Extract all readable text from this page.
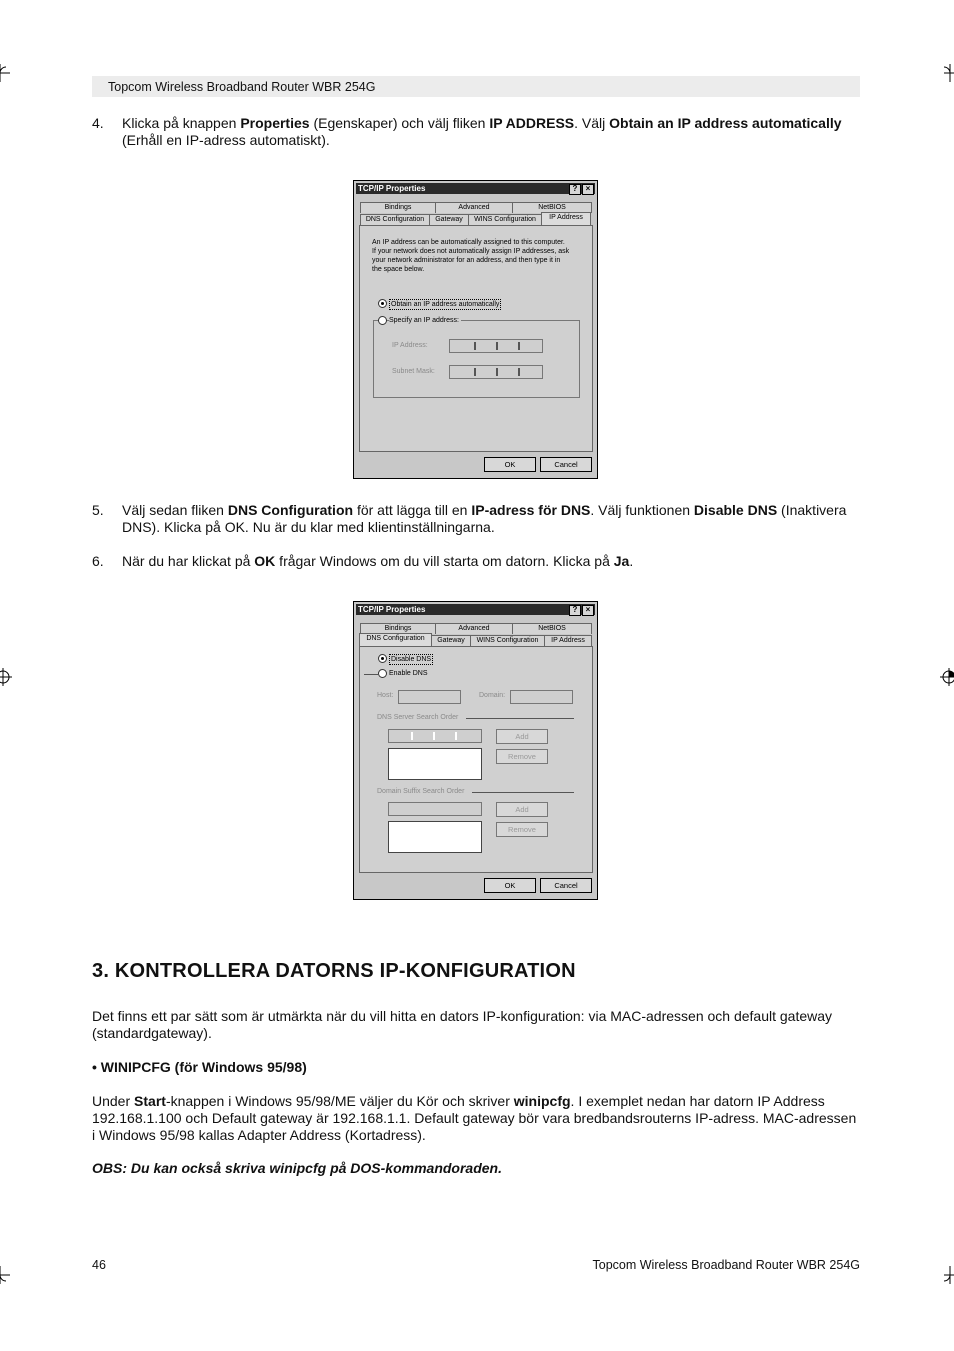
Topcom Wireless Broadband Router WBR 254G
4. Klicka på knappen Properties (Egenskaper) och välj fliken IP ADDRESS. Välj Obtain an IP address automatically (Erhåll en IP-adress automatiskt).
TCP/IP Properties	?	×
Bindings	Advanced	NetBIOS
DNS Configuration	Gateway	WINS Configuration	IP Address
An IP address can be automatically assigned to this computer.
If your network does not automatically assign IP addresses, ask
your network administrator for an address, and then type it in
the space below.
Obtain an IP address automatically
Specify an IP address:
IP Address:
Subnet Mask:
OK	Cancel
5. Välj sedan fliken DNS Configuration för att lägga till en IP-adress för DNS. Välj funktionen Disable DNS (Inaktivera DNS). Klicka på OK. Nu är du klar med klientinställningarna.
6. När du har klickat på OK frågar Windows om du vill starta om datorn. Klicka på Ja.
TCP/IP Properties	?	×
Bindings	Advanced	NetBIOS
DNS Configuration	Gateway	WINS Configuration	IP Address
Disable DNS
Enable DNS
Host:	Domain:
DNS Server Search Order
Add
Remove
Domain Suffix Search Order
Add
Remove
OK	Cancel
3. KONTROLLERA DATORNS IP-KONFIGURATION
Det finns ett par sätt som är utmärkta när du vill hitta en dators IP-konfiguration: via MAC-adressen och default gateway (standardgateway).
• WINIPCFG (för Windows 95/98)
Under Start-knappen i Windows 95/98/ME väljer du Kör och skriver winipcfg. I exemplet nedan har datorn IP Address 192.168.1.100 och Default gateway är 192.168.1.1. Default gateway bör vara bredbandsrouterns IP-adress. MAC-adressen i Windows 95/98 kallas Adapter Address (Kortadress).
OBS: Du kan också skriva winipcfg på DOS-kommandoraden.
46	Topcom Wireless Broadband Router WBR 254G
